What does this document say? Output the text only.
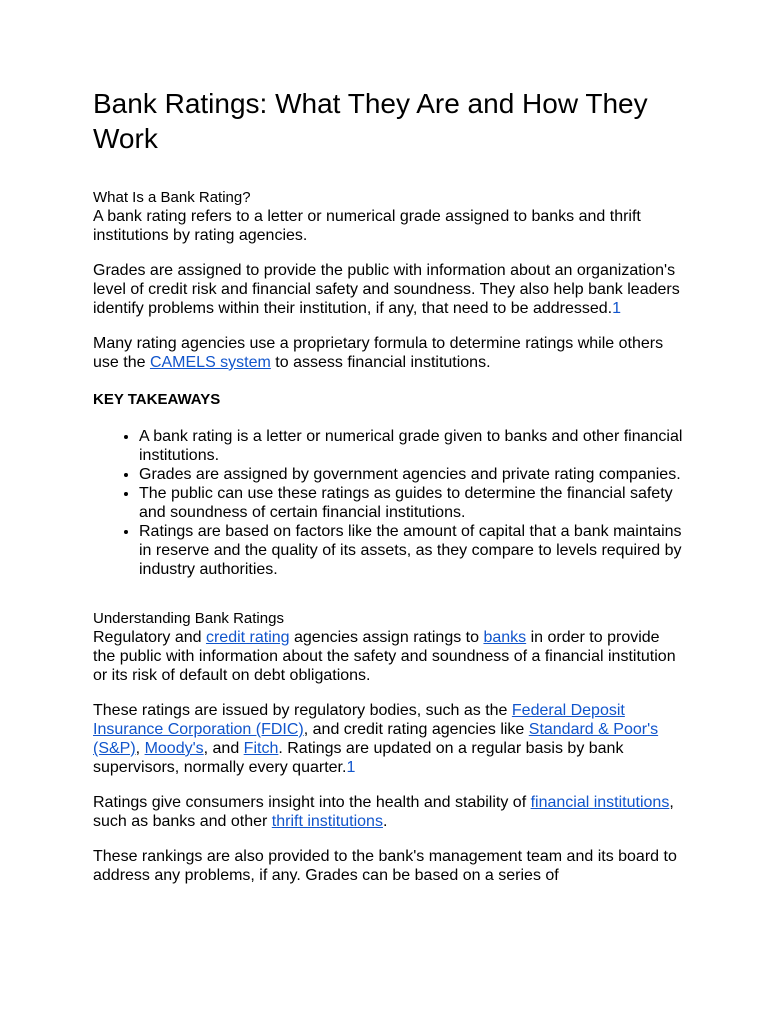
Bank Ratings: What They Are and How They Work
What Is a Bank Rating?

A bank rating refers to a letter or numerical grade assigned to banks and thrift institutions by rating agencies.

Grades are assigned to provide the public with information about an organization's level of credit risk and financial safety and soundness. They also help bank leaders identify problems within their institution, if any, that need to be addressed.1

Many rating agencies use a proprietary formula to determine ratings while others use the CAMELS system to assess financial institutions.

KEY TAKEAWAYS
• A bank rating is a letter or numerical grade given to banks and other financial institutions.
• Grades are assigned by government agencies and private rating companies.
• The public can use these ratings as guides to determine the financial safety and soundness of certain financial institutions.
• Ratings are based on factors like the amount of capital that a bank maintains in reserve and the quality of its assets, as they compare to levels required by industry authorities.
Understanding Bank Ratings

Regulatory and credit rating agencies assign ratings to banks in order to provide the public with information about the safety and soundness of a financial institution or its risk of default on debt obligations.

These ratings are issued by regulatory bodies, such as the Federal Deposit Insurance Corporation (FDIC), and credit rating agencies like Standard & Poor's (S&P), Moody's, and Fitch. Ratings are updated on a regular basis by bank supervisors, normally every quarter.1

Ratings give consumers insight into the health and stability of financial institutions, such as banks and other thrift institutions.

These rankings are also provided to the bank's management team and its board to address any problems, if any. Grades can be based on a series of
